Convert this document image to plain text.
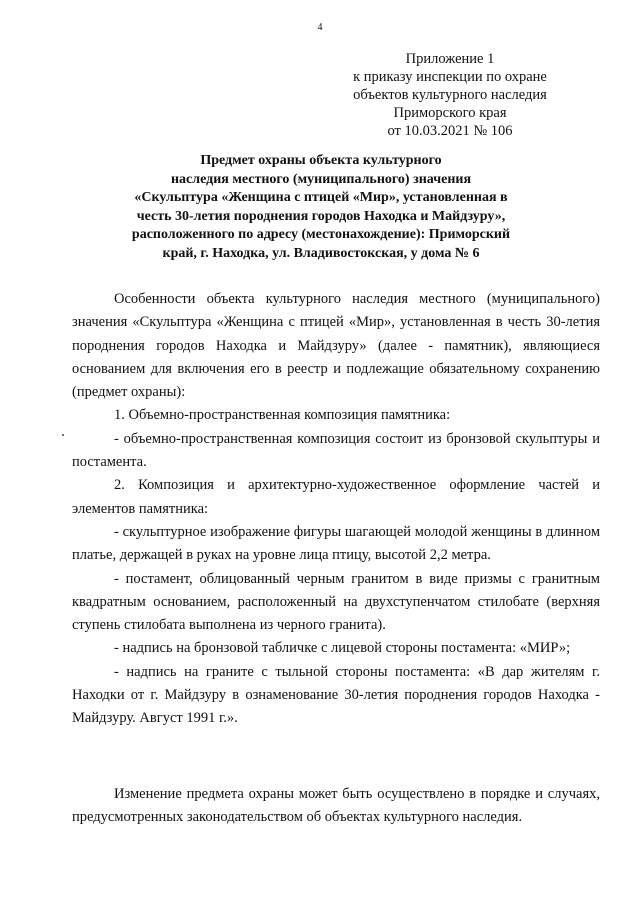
4
Приложение 1
к приказу инспекции по охране
объектов культурного наследия
Приморского края
от 10.03.2021 № 106
Предмет охраны объекта культурного
наследия местного (муниципального) значения
«Скульптура «Женщина с птицей «Мир», установленная в
честь 30-летия породнения городов Находка и Майдзуру»,
расположенного по адресу (местонахождение): Приморский
край, г. Находка, ул. Владивостокская, у дома № 6

Особенности объекта культурного наследия местного (муниципального) значения «Скульптура «Женщина с птицей «Мир», установленная в честь 30-летия породнения городов Находка и Майдзуру» (далее - памятник), являющиеся основанием для включения его в реестр и подлежащие обязательному сохранению (предмет охраны):

1. Объемно-пространственная композиция памятника:

- объемно-пространственная композиция состоит из бронзовой скульптуры и постамента.

2. Композиция и архитектурно-художественное оформление частей и элементов памятника:

- скульптурное изображение фигуры шагающей молодой женщины в длинном платье, держащей в руках на уровне лица птицу, высотой 2,2 метра.

- постамент, облицованный черным гранитом в виде призмы с гранитным квадратным основанием, расположенный на двухступенчатом стилобате (верхняя ступень стилобата выполнена из черного гранита).

- надпись на бронзовой табличке с лицевой стороны постамента: «МИР»;

- надпись на граните с тыльной стороны постамента: «В дар жителям г. Находки от г. Майдзуру в ознаменование 30-летия породнения городов Находка - Майдзуру. Август 1991 г.».

Изменение предмета охраны может быть осуществлено в порядке и случаях, предусмотренных законодательством об объектах культурного наследия.
